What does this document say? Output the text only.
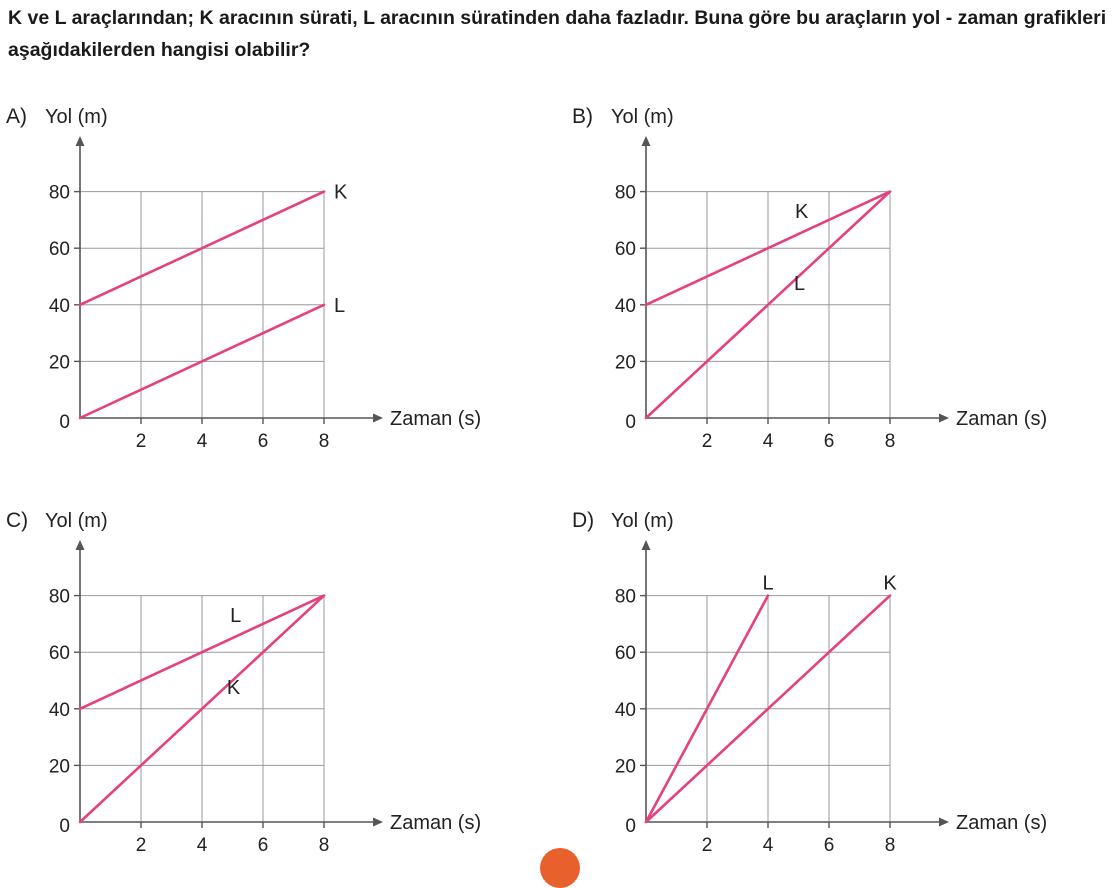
K ve L araçlarından; K aracının sürati, L aracının süratinden daha fazladır. Buna göre bu araçların yol - zaman grafikleri aşağıdakilerden hangisi olabilir?

0
20
40
60
80
2	4	6	8
A) Yol (m)
Zaman (s)
K
L
0
20
40
60
80
2	4	6	8
B) Yol (m)
Zaman (s)
K
L
0
20
40
60
80
2	4	6	8
C) Yol (m)
Zaman (s)
L
K
0
20
40
60
80
2	4	6	8
D) Yol (m)
Zaman (s)
L	K
